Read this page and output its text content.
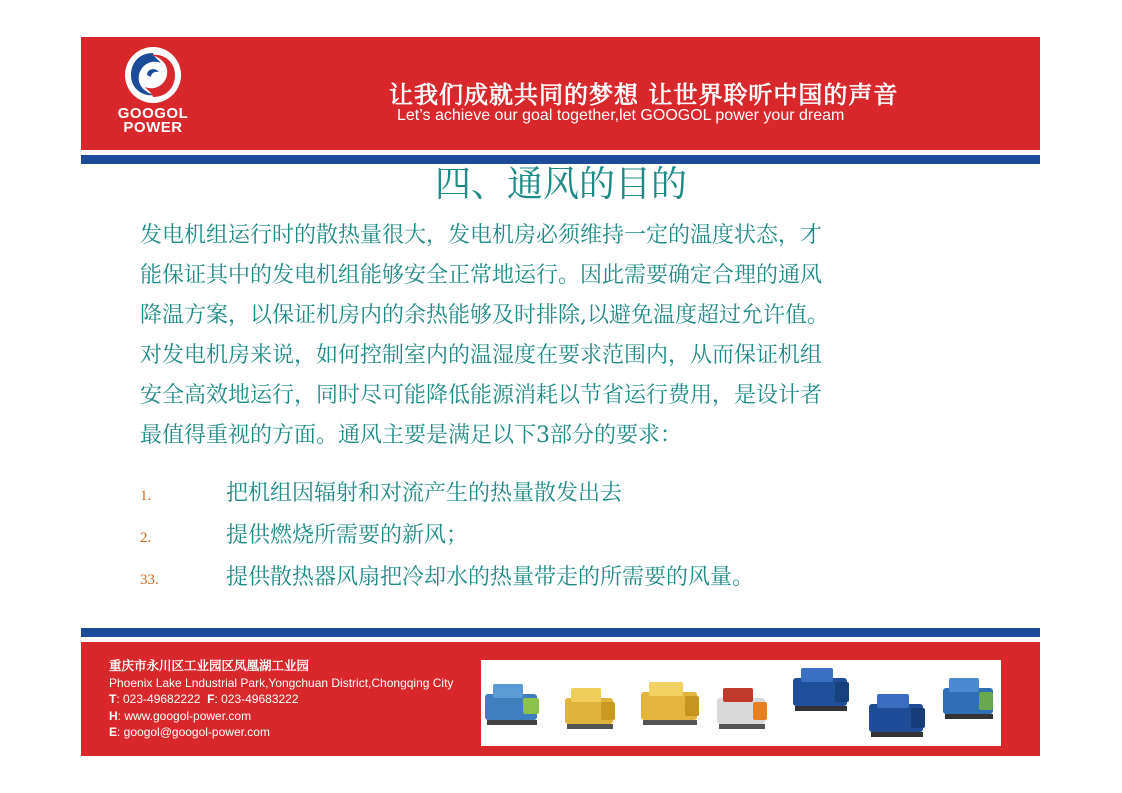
GOOGOL
POWER
让我们成就共同的梦想 让世界聆听中国的声音
Let’s achieve our goal together,let GOOGOL power your dream
四、通风的目的
发电机组运行时的散热量很大，发电机房必须维持一定的温度状态，才
能保证其中的发电机组能够安全正常地运行。因此需要确定合理的通风
降温方案，以保证机房内的余热能够及时排除,以避免温度超过允许值。
对发电机房来说，如何控制室内的温湿度在要求范围内，从而保证机组
安全高效地运行，同时尽可能降低能源消耗以节省运行费用，是设计者
最值得重视的方面。通风主要是满足以下3部分的要求：
1.	把机组因辐射和对流产生的热量散发出去
2.	提供燃烧所需要的新风；
33.	提供散热器风扇把冷却水的热量带走的所需要的风量。
重庆市永川区工业园区凤凰湖工业园
Phoenix Lake Lndustrial Park,Yongchuan District,Chongqing City
T: 023-49682222 F: 023-49683222
H: www.googol-power.com
E: googol@googol-power.com
